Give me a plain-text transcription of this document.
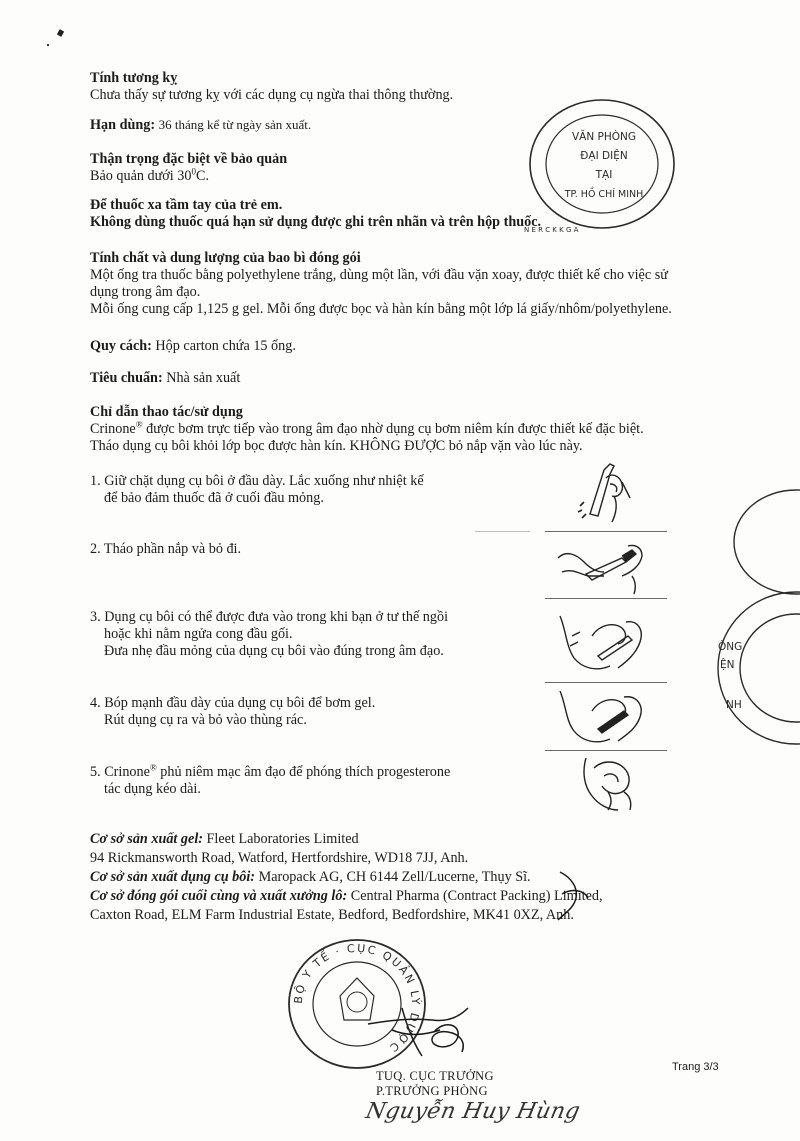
Tính tương kỵ
Chưa thấy sự tương kỵ với các dụng cụ ngừa thai thông thường.
Hạn dùng: 36 tháng kể từ ngày sản xuất.
Thận trọng đặc biệt về bảo quản
Bảo quản dưới $30^0C$.
Để thuốc xa tầm tay của trẻ em.
Không dùng thuốc quá hạn sử dụng được ghi trên nhãn và trên hộp thuốc.
Tính chất và dung lượng của bao bì đóng gói
Một ống tra thuốc bằng polyethylene trắng, dùng một lần, với đầu vặn xoay, được thiết kế cho việc sử
dụng trong âm đạo.
Mỗi ống cung cấp 1,125 g gel. Mỗi ống được bọc và hàn kín bằng một lớp lá giấy/nhôm/polyethylene.
Quy cách: Hộp carton chứa 15 ống.
Tiêu chuẩn: Nhà sản xuất
Chỉ dẫn thao tác/sử dụng
Crinone® được bơm trực tiếp vào trong âm đạo nhờ dụng cụ bơm niêm kín được thiết kế đặc biệt.
Tháo dụng cụ bôi khỏi lớp bọc được hàn kín. KHÔNG ĐƯỢC bỏ nắp vặn vào lúc này.
1. Giữ chặt dụng cụ bôi ở đầu dày. Lắc xuống như nhiệt kế
để bảo đảm thuốc đã ở cuối đầu mỏng.
2. Tháo phần nắp và bỏ đi.
3. Dụng cụ bôi có thể được đưa vào trong khi bạn ở tư thế ngồi
hoặc khi nằm ngửa cong đầu gối.
Đưa nhẹ đầu mỏng của dụng cụ bôi vào đúng trong âm đạo.
4. Bóp mạnh đầu dày của dụng cụ bôi để bơm gel.
Rút dụng cụ ra và bỏ vào thùng rác.
5. Crinone® phủ niêm mạc âm đạo để phóng thích progesterone
tác dụng kéo dài.
VĂN PHÒNG
ĐẠI DIỆN
TẠI
TP. HỒ CHÍ MINH
N E R C K K G A
ÒNG
ỆN
NH
Cơ sở sản xuất gel: Fleet Laboratories Limited
94 Rickmansworth Road, Watford, Hertfordshire, WD18 7JJ, Anh.
Cơ sở sản xuất dụng cụ bôi: Maropack AG, CH 6144 Zell/Lucerne, Thụy Sĩ.
Cơ sở đóng gói cuối cùng và xuất xưởng lô: Central Pharma (Contract Packing) Limited,
Caxton Road, ELM Farm Industrial Estate, Bedford, Bedfordshire, MK41 0XZ, Anh.
BỘ Y TẾ · CỤC QUẢN LÝ DƯỢC
Trang 3/3
TUQ. CỤC TRƯỞNG
P.TRƯỞNG PHÒNG
Nguyễn Huy Hùng
